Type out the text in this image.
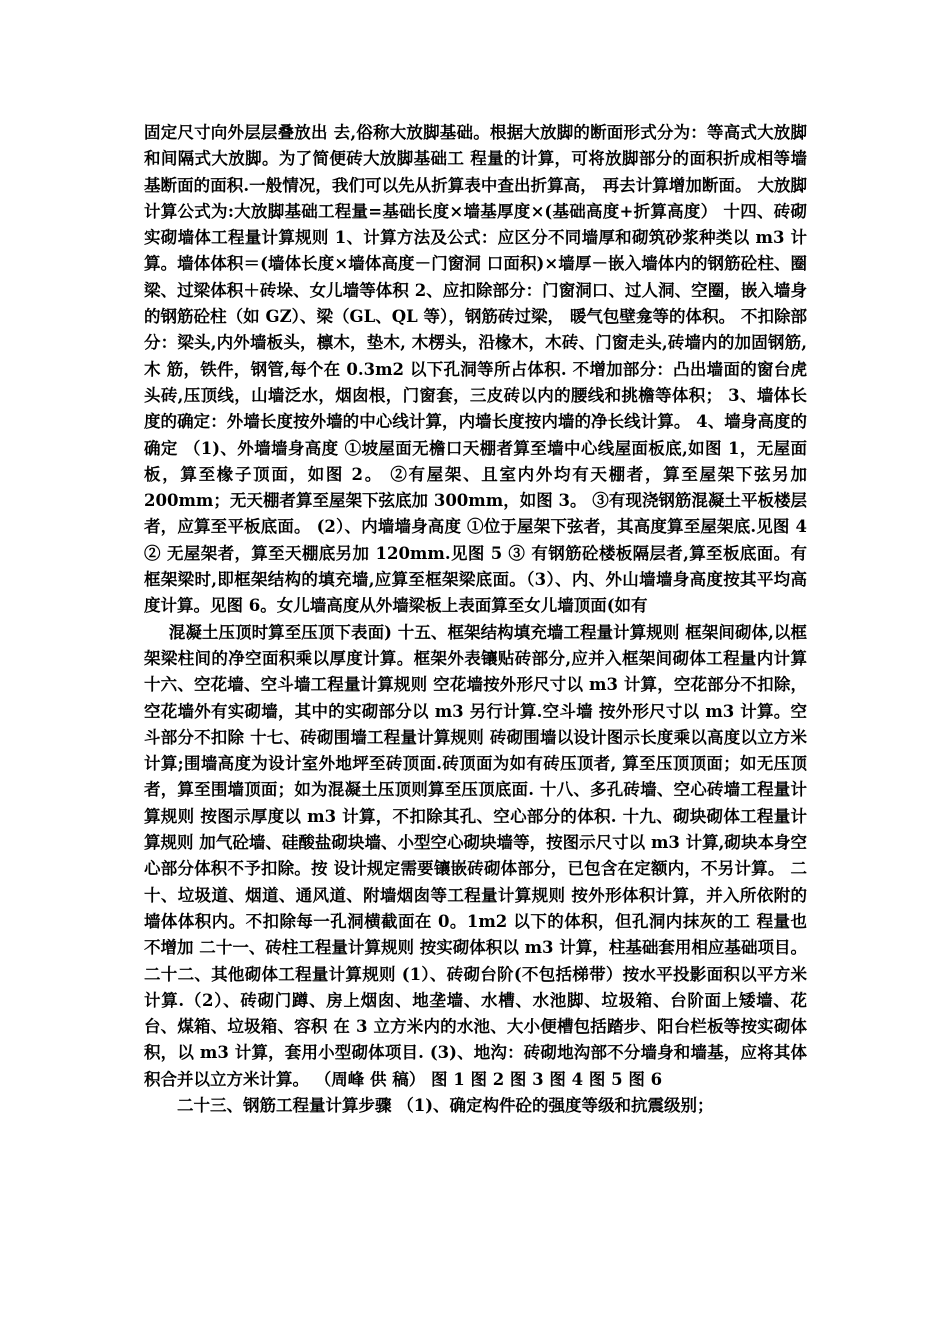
固定尺寸向外层层叠放出 去,俗称大放脚基础。根据大放脚的断面形式分为：等高式大放脚和间隔式大放脚。为了简便砖大放脚基础工 程量的计算，可将放脚部分的面积折成相等墙基断面的面积.一般情况，我们可以先从折算表中查出折算高， 再去计算增加断面。 大放脚计算公式为:大放脚基础工程量=基础长度×墙基厚度×(基础高度+折算高度） 十四、砖砌实砌墙体工程量计算规则 1、计算方法及公式：应区分不同墙厚和砌筑砂浆种类以 m3 计算。墙体体积＝(墙体长度×墙体高度－门窗洞 口面积)×墙厚－嵌入墙体内的钢筋砼柱、圈梁、过梁体积＋砖垛、女儿墙等体积 2、应扣除部分：门窗洞口、过人洞、空圈，嵌入墙身的钢筋砼柱（如 GZ）、梁（GL、QL 等），钢筋砖过梁， 暖气包壁龛等的体积。 不扣除部分：梁头,内外墙板头，檩木，垫木, 木楞头，沿椽木，木砖、门窗走头,砖墙内的加固钢筋,木 筋，铁件，钢管,每个在 0.3m2 以下孔洞等所占体积. 不增加部分：凸出墙面的窗台虎头砖,压顶线，山墙泛水，烟囱根，门窗套，三皮砖以内的腰线和挑檐等体积； 3、墙体长度的确定：外墙长度按外墙的中心线计算，内墙长度按内墙的净长线计算。 4、墙身高度的确定 （1)、外墙墙身高度 ①坡屋面无檐口天棚者算至墙中心线屋面板底,如图 1，无屋面板，算至椽子顶面，如图 2。 ②有屋架、且室内外均有天棚者，算至屋架下弦另加 200mm；无天棚者算至屋架下弦底加 300mm，如图 3。 ③有现浇钢筋混凝土平板楼层者，应算至平板底面。 (2）、内墙墙身高度 ①位于屋架下弦者，其高度算至屋架底.见图 4 ② 无屋架者，算至天棚底另加 120mm.见图 5 ③ 有钢筋砼楼板隔层者,算至板底面。有框架梁时,即框架结构的填充墙,应算至框架梁底面。（3）、内、外山墙墙身高度按其平均高度计算。见图 6。女儿墙高度从外墙梁板上表面算至女儿墙顶面(如有

混凝土压顶时算至压顶下表面) 十五、框架结构填充墙工程量计算规则 框架间砌体,以框架梁柱间的净空面积乘以厚度计算。框架外表镶贴砖部分,应并入框架间砌体工程量内计算 十六、空花墙、空斗墙工程量计算规则 空花墙按外形尺寸以 m3 计算，空花部分不扣除，空花墙外有实砌墙，其中的实砌部分以 m3 另行计算.空斗墙 按外形尺寸以 m3 计算。空斗部分不扣除 十七、砖砌围墙工程量计算规则 砖砌围墙以设计图示长度乘以高度以立方米计算;围墙高度为设计室外地坪至砖顶面.砖顶面为如有砖压顶者, 算至压顶顶面；如无压顶者，算至围墙顶面；如为混凝土压顶则算至压顶底面. 十八、多孔砖墙、空心砖墙工程量计算规则 按图示厚度以 m3 计算，不扣除其孔、空心部分的体积. 十九、砌块砌体工程量计算规则 加气砼墙、硅酸盐砌块墙、小型空心砌块墙等，按图示尺寸以 m3 计算,砌块本身空心部分体积不予扣除。按 设计规定需要镶嵌砖砌体部分，已包含在定额内，不另计算。 二十、垃圾道、烟道、通风道、附墙烟囱等工程量计算规则 按外形体积计算，并入所依附的墙体体积内。不扣除每一孔洞横截面在 0。1m2 以下的体积，但孔洞内抹灰的工 程量也不增加 二十一、砖柱工程量计算规则 按实砌体积以 m3 计算，柱基础套用相应基础项目。 二十二、其他砌体工程量计算规则 (1）、砖砌台阶(不包括梯带）按水平投影面积以平方米计算.（2）、砖砌门蹲、房上烟囱、地垄墙、水槽、水池脚、垃圾箱、台阶面上矮墙、花台、煤箱、垃圾箱、容积 在 3 立方米内的水池、大小便槽包括踏步、阳台栏板等按实砌体积，以 m3 计算，套用小型砌体项目. (3)、地沟：砖砌地沟部不分墙身和墙基，应将其体积合并以立方米计算。 （周峰 供 稿） 图 1 图 2 图 3 图 4 图 5 图 6

二十三、钢筋工程量计算步骤 （1)、确定构件砼的强度等级和抗震级别；
